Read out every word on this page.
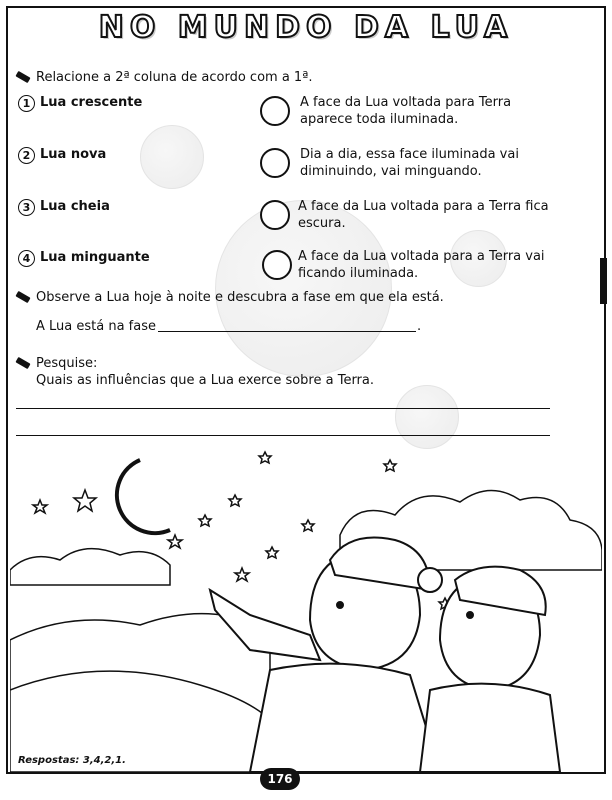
NO MUNDO DA LUA
Relacione a 2ª coluna de acordo com a 1ª.
1 Lua crescente	A face da Lua voltada para Terra
aparece toda iluminada.
2 Lua nova	Dia a dia, essa face iluminada vai
diminuindo, vai minguando.
3 Lua cheia	A face da Lua voltada para a Terra fica
escura.
4 Lua minguante	A face da Lua voltada para a Terra vai
ficando iluminada.
Observe a Lua hoje à noite e descubra a fase em que ela está.
A Lua está na fase	.
Pesquise:
Quais as influências que a Lua exerce sobre a Terra.
Respostas: 3,4,2,1.
176
